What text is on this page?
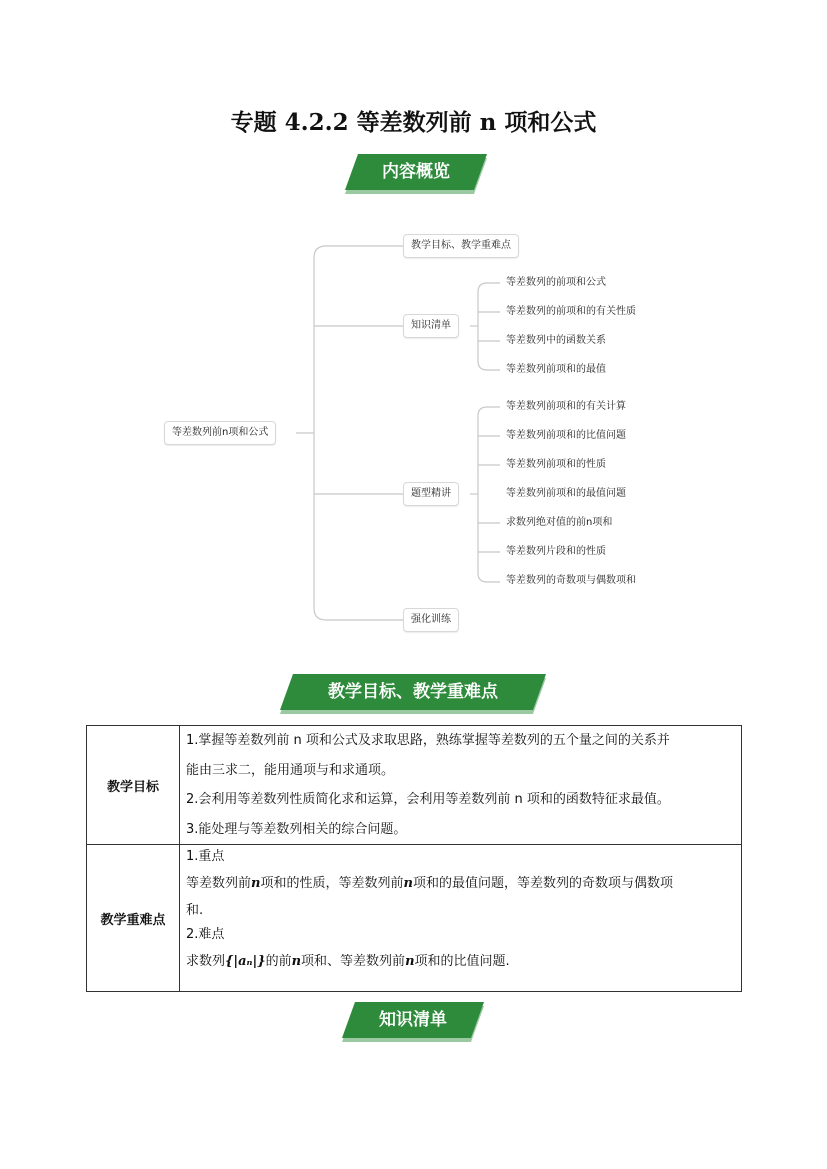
专题 4.2.2 等差数列前 n 项和公式
内容概览
等差数列前n项和公式
教学目标、教学重难点
知识清单
题型精讲
强化训练
等差数列的前项和公式
等差数列的前项和的有关性质
等差数列中的函数关系
等差数列前项和的最值
等差数列前项和的有关计算
等差数列前项和的比值问题
等差数列前项和的性质
等差数列前项和的最值问题
求数列绝对值的前n项和
等差数列片段和的性质
等差数列的奇数项与偶数项和
教学目标、教学重难点
教学目标	1.掌握等差数列前 n 项和公式及求取思路，熟练掌握等差数列的五个量之间的关系并
能由三求二，能用通项与和求通项。
2.会利用等差数列性质简化求和运算，会利用等差数列前 n 项和的函数特征求最值。
3.能处理与等差数列相关的综合问题。

教学重难点	1.重点
等差数列前n项和的性质，等差数列前n项和的最值问题，等差数列的奇数项与偶数项
和.
2.难点
求数列{|aₙ|}的前n项和、等差数列前n项和的比值问题.
知识清单
